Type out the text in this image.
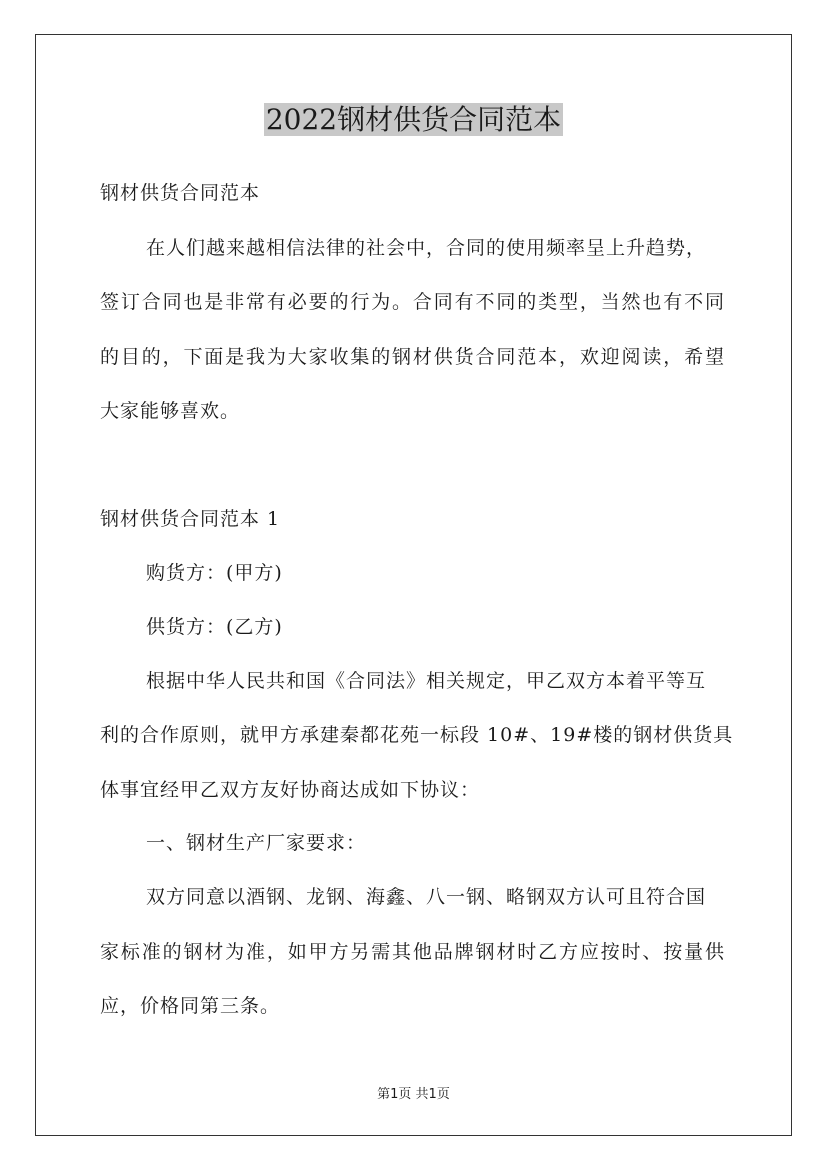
2022钢材供货合同范本
钢材供货合同范本
在人们越来越相信法律的社会中，合同的使用频率呈上升趋势，
签订合同也是非常有必要的行为。合同有不同的类型，当然也有不同
的目的，下面是我为大家收集的钢材供货合同范本，欢迎阅读，希望
大家能够喜欢。
钢材供货合同范本 1
购货方：(甲方)
供货方：(乙方)
根据中华人民共和国《合同法》相关规定，甲乙双方本着平等互
利的合作原则，就甲方承建秦都花苑一标段 10#、19#楼的钢材供货具
体事宜经甲乙双方友好协商达成如下协议：
一、钢材生产厂家要求：
双方同意以酒钢、龙钢、海鑫、八一钢、略钢双方认可且符合国
家标准的钢材为准，如甲方另需其他品牌钢材时乙方应按时、按量供
应，价格同第三条。
第1页 共1页
